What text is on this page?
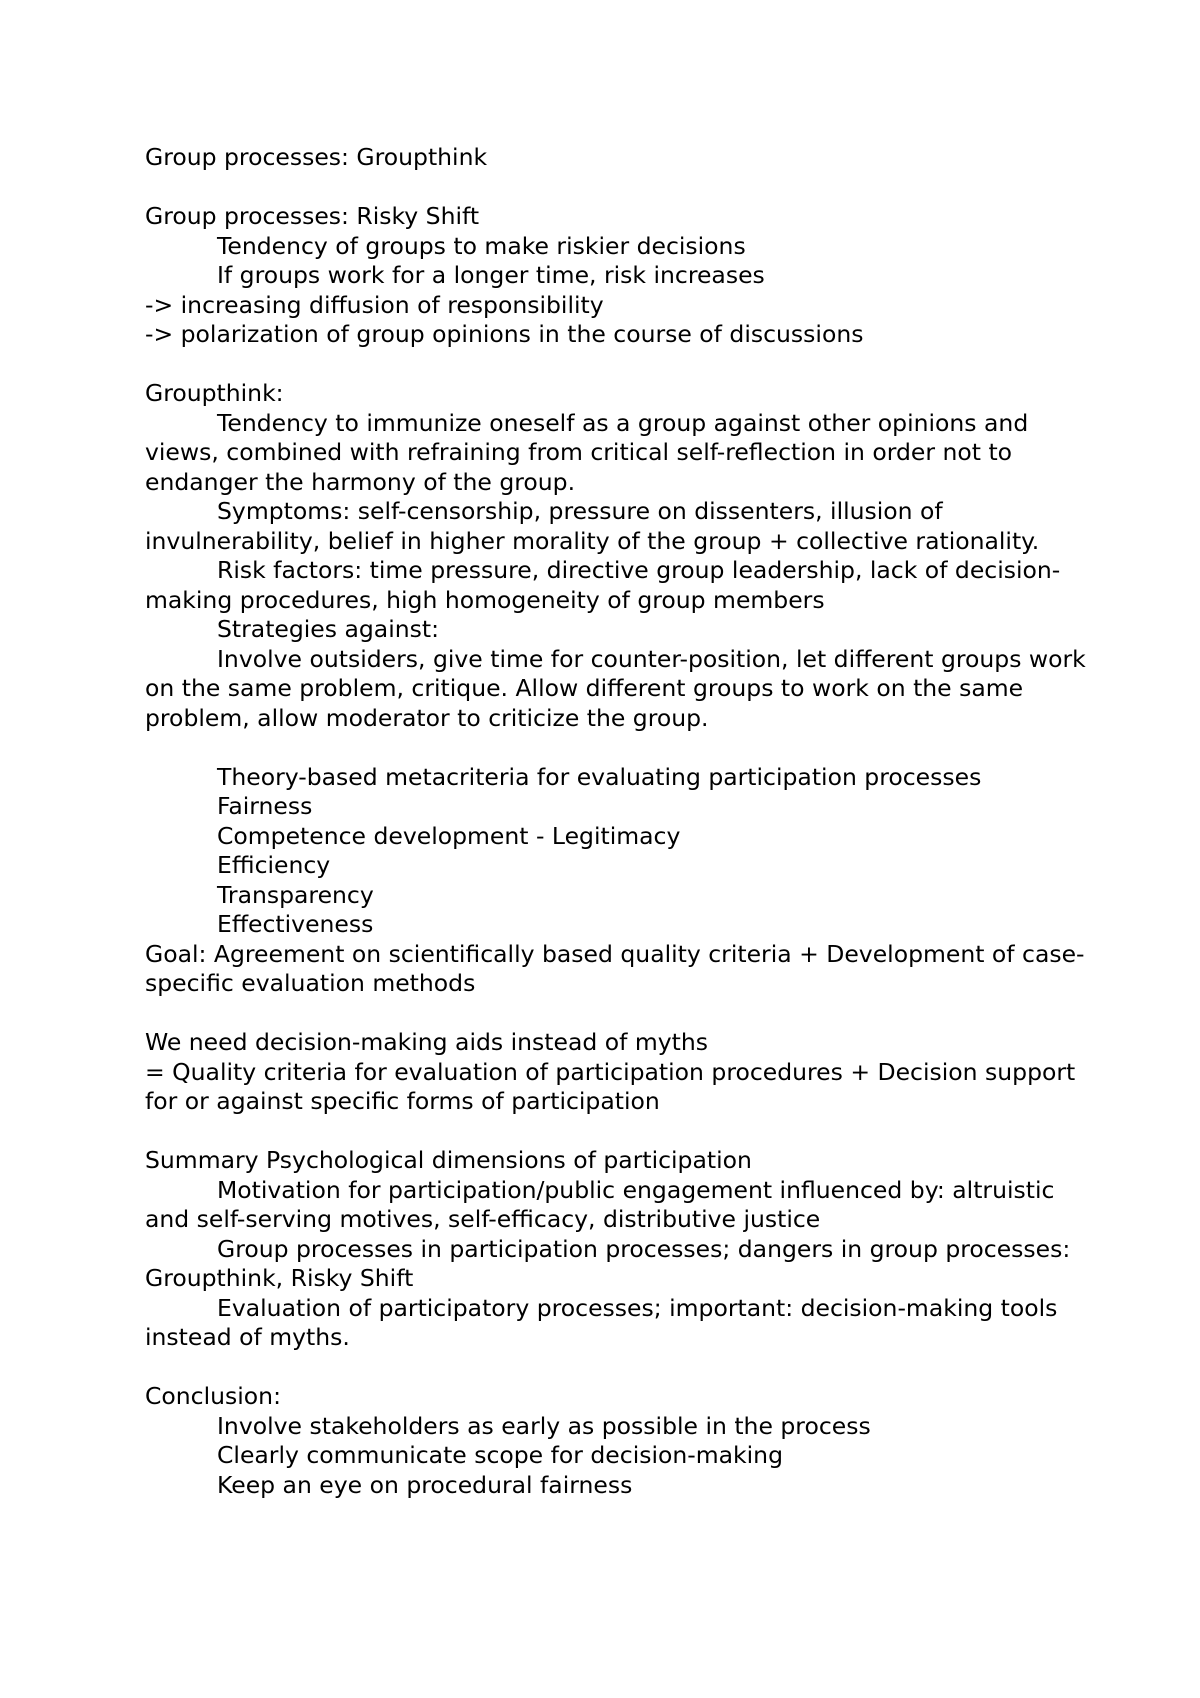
Group processes: Groupthink

Group processes: Risky Shift

Tendency of groups to make riskier decisions

If groups work for a longer time, risk increases

-> increasing diffusion of responsibility

-> polarization of group opinions in the course of discussions

Groupthink:

Tendency to immunize oneself as a group against other opinions and views, combined with refraining from critical self-reflection in order not to endanger the harmony of the group.

Symptoms: self-censorship, pressure on dissenters, illusion of invulnerability, belief in higher morality of the group + collective rationality.

Risk factors: time pressure, directive group leadership, lack of decision-making procedures, high homogeneity of group members

Strategies against:

Involve outsiders, give time for counter-position, let different groups work on the same problem, critique. Allow different groups to work on the same problem, allow moderator to criticize the group.

Theory-based metacriteria for evaluating participation processes

Fairness

Competence development - Legitimacy

Efficiency

Transparency

Effectiveness

Goal: Agreement on scientifically based quality criteria + Development of case-specific evaluation methods

We need decision-making aids instead of myths

= Quality criteria for evaluation of participation procedures + Decision support for or against specific forms of participation

Summary Psychological dimensions of participation

Motivation for participation/public engagement influenced by: altruistic and self-serving motives, self-efficacy, distributive justice

Group processes in participation processes; dangers in group processes: Groupthink, Risky Shift

Evaluation of participatory processes; important: decision-making tools instead of myths.

Conclusion:

Involve stakeholders as early as possible in the process

Clearly communicate scope for decision-making

Keep an eye on procedural fairness
